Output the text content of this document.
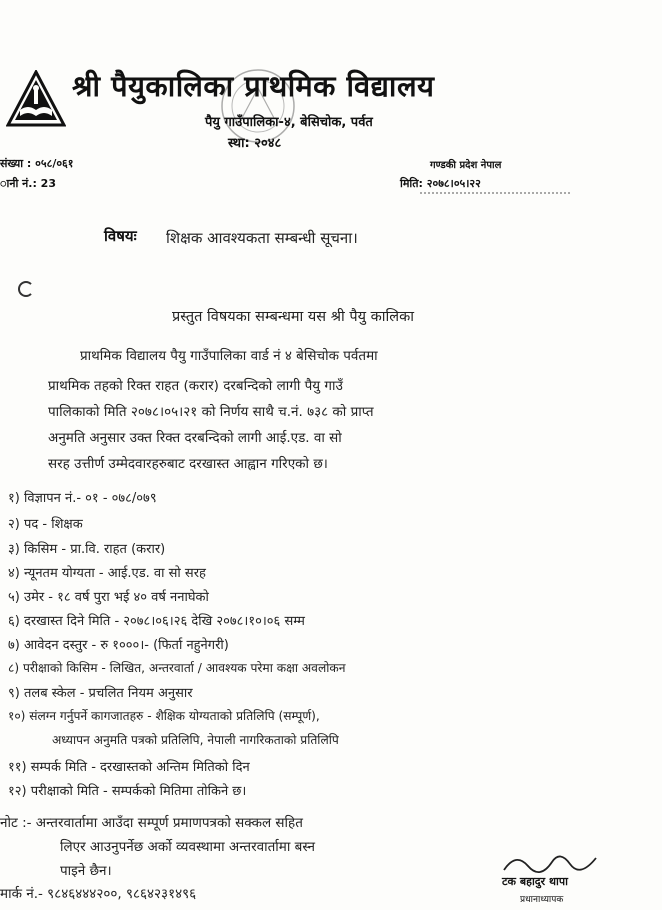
श्री पैयुकालिका प्राथमिक विद्यालय
पैयु गाउँपालिका-४, बेसिचोक, पर्वत
स्था: २०४८
संख्या : ०५८/०६१
ानी नं.: 23
गण्डकी प्रदेश नेपाल
मिति: २०७८।०५।२२
विषयः शिक्षक आवश्यकता सम्बन्धी सूचना।
प्रस्तुत विषयका सम्बन्धमा यस श्री पैयु कालिका
प्राथमिक विद्यालय पैयु गाउँपालिका वार्ड नं ४ बेसिचोक पर्वतमा
प्राथमिक तहको रिक्त राहत (करार) दरबन्दिको लागी पैयु गाउँ
पालिकाको मिति २०७८।०५।२१ को निर्णय साथै च.नं. ७३८ को प्राप्त
अनुमति अनुसार उक्त रिक्त दरबन्दिको लागी आई.एड. वा सो
सरह उत्तीर्ण उम्मेदवारहरुबाट दरखास्त आह्वान गरिएको छ।
१) विज्ञापन नं.- ०१ - ०७८/०७९
२) पद - शिक्षक
३) किसिम - प्रा.वि. राहत (करार)
४) न्यूनतम योग्यता - आई.एड. वा सो सरह
५) उमेर - १८ वर्ष पुरा भई ४० वर्ष ननाघेको
६) दरखास्त दिने मिति - २०७८।०६।२६ देखि २०७८।१०।०६ सम्म
७) आवेदन दस्तुर - रु १०००।- (फिर्ता नहुनेगरी)
८) परीक्षाको किसिम - लिखित, अन्तरवार्ता / आवश्यक परेमा कक्षा अवलोकन
९) तलब स्केल - प्रचलित नियम अनुसार
१०) संलग्न गर्नुपर्ने कागजातहरु - शैक्षिक योग्यताको प्रतिलिपि (सम्पूर्ण),
अध्यापन अनुमति पत्रको प्रतिलिपि, नेपाली नागरिकताको प्रतिलिपि
११) सम्पर्क मिति - दरखास्तको अन्तिम मितिको दिन
१२) परीक्षाको मिति - सम्पर्कको मितिमा तोकिने छ।
नोट :- अन्तरवार्तामा आउँदा सम्पूर्ण प्रमाणपत्रको सक्कल सहित
लिएर आउनुपर्नेछ अर्को व्यवस्थामा अन्तरवार्तामा बस्न
पाइने छैन।
मार्क नं.- ९८४६४४४२००, ९८६४२३१४९६
टक बहादुर थापा
प्रधानाध्यापक
